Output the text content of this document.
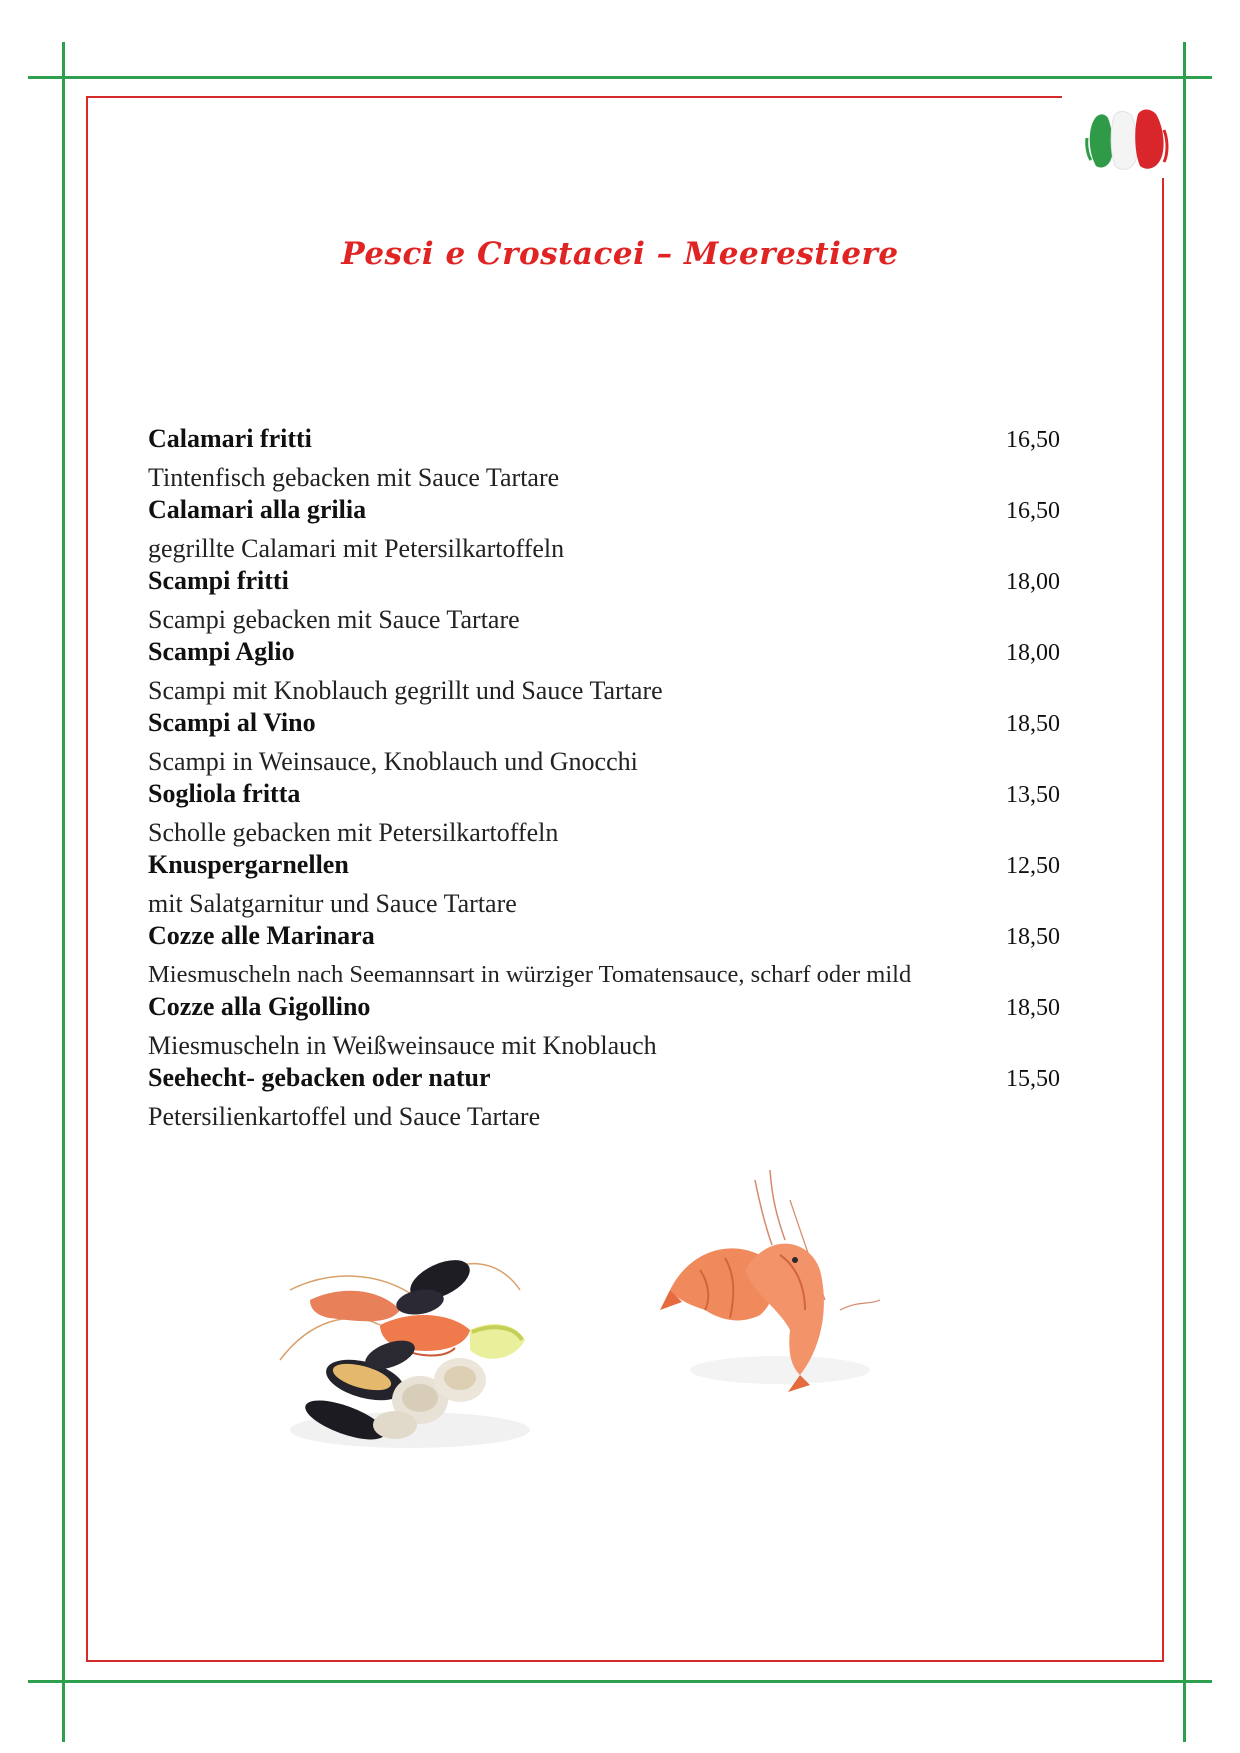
Pesci e Crostacei – Meerestiere
Calamari fritti	16,50
Tintenfisch gebacken mit Sauce Tartare
Calamari alla grilia	16,50
gegrillte Calamari mit Petersilkartoffeln
Scampi fritti	18,00
Scampi gebacken mit Sauce Tartare
Scampi Aglio	18,00
Scampi mit Knoblauch gegrillt und Sauce Tartare
Scampi al Vino	18,50
Scampi in Weinsauce, Knoblauch und Gnocchi
Sogliola fritta	13,50
Scholle gebacken mit Petersilkartoffeln
Knuspergarnellen	12,50
mit Salatgarnitur und Sauce Tartare
Cozze alle Marinara	18,50
Miesmuscheln nach Seemannsart in würziger Tomatensauce, scharf oder mild
Cozze alla Gigollino	18,50
Miesmuscheln in Weißweinsauce mit Knoblauch
Seehecht- gebacken oder natur	15,50
Petersilienkartoffel und Sauce Tartare
